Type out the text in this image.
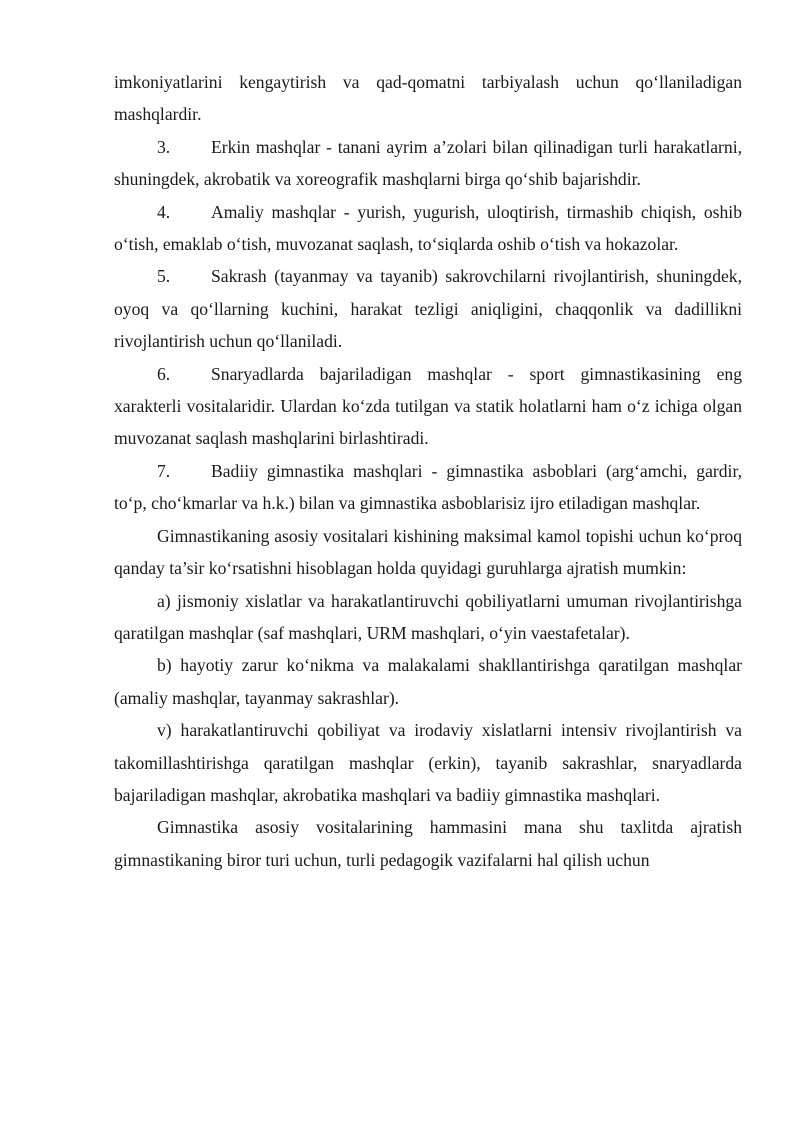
imkoniyatlarini kengaytirish va qad-qomatni tarbiyalash uchun qo‘llaniladigan mashqlardir.

3. Erkin mashqlar - tanani ayrim a’zolari bilan qilinadigan turli harakatlarni, shuningdek, akrobatik va xoreografik mashqlarni birga qo‘shib bajarishdir.

4. Amaliy mashqlar - yurish, yugurish, uloqtirish, tirmashib chiqish, oshib o‘tish, emaklab o‘tish, muvozanat saqlash, to‘siqlarda oshib o‘tish va hokazolar.

5. Sakrash (tayanmay va tayanib) sakrovchilarni rivojlantirish, shuningdek, oyoq va qo‘llarning kuchini, harakat tezligi aniqligini, chaqqonlik va dadillikni rivojlantirish uchun qo‘llaniladi.

6. Snaryadlarda bajariladigan mashqlar - sport gimnastikasining eng xarakterli vositalaridir. Ulardan ko‘zda tutilgan va statik holatlarni ham o‘z ichiga olgan muvozanat saqlash mashqlarini birlashtiradi.

7. Badiiy gimnastika mashqlari - gimnastika asboblari (arg‘amchi, gardir, to‘p, cho‘kmarlar va h.k.) bilan va gimnastika asboblarisiz ijro etiladigan mashqlar.

Gimnastikaning asosiy vositalari kishining maksimal kamol topishi uchun ko‘proq qanday ta’sir ko‘rsatishni hisoblagan holda quyidagi guruhlarga ajratish mumkin:

a) jismoniy xislatlar va harakatlantiruvchi qobiliyatlarni umuman rivojlantirishga qaratilgan mashqlar (saf mashqlari, URM mashqlari, o‘yin vaestafetalar).

b) hayotiy zarur ko‘nikma va malakalami shakllantirishga qaratilgan mashqlar (amaliy mashqlar, tayanmay sakrashlar).

v) harakatlantiruvchi qobiliyat va irodaviy xislatlarni intensiv rivojlantirish va takomillashtirishga qaratilgan mashqlar (erkin), tayanib sakrashlar, snaryadlarda bajariladigan mashqlar, akrobatika mashqlari va badiiy gimnastika mashqlari.

Gimnastika asosiy vositalarining hammasini mana shu taxlitda ajratish gimnastikaning biror turi uchun, turli pedagogik vazifalarni hal qilish uchun
